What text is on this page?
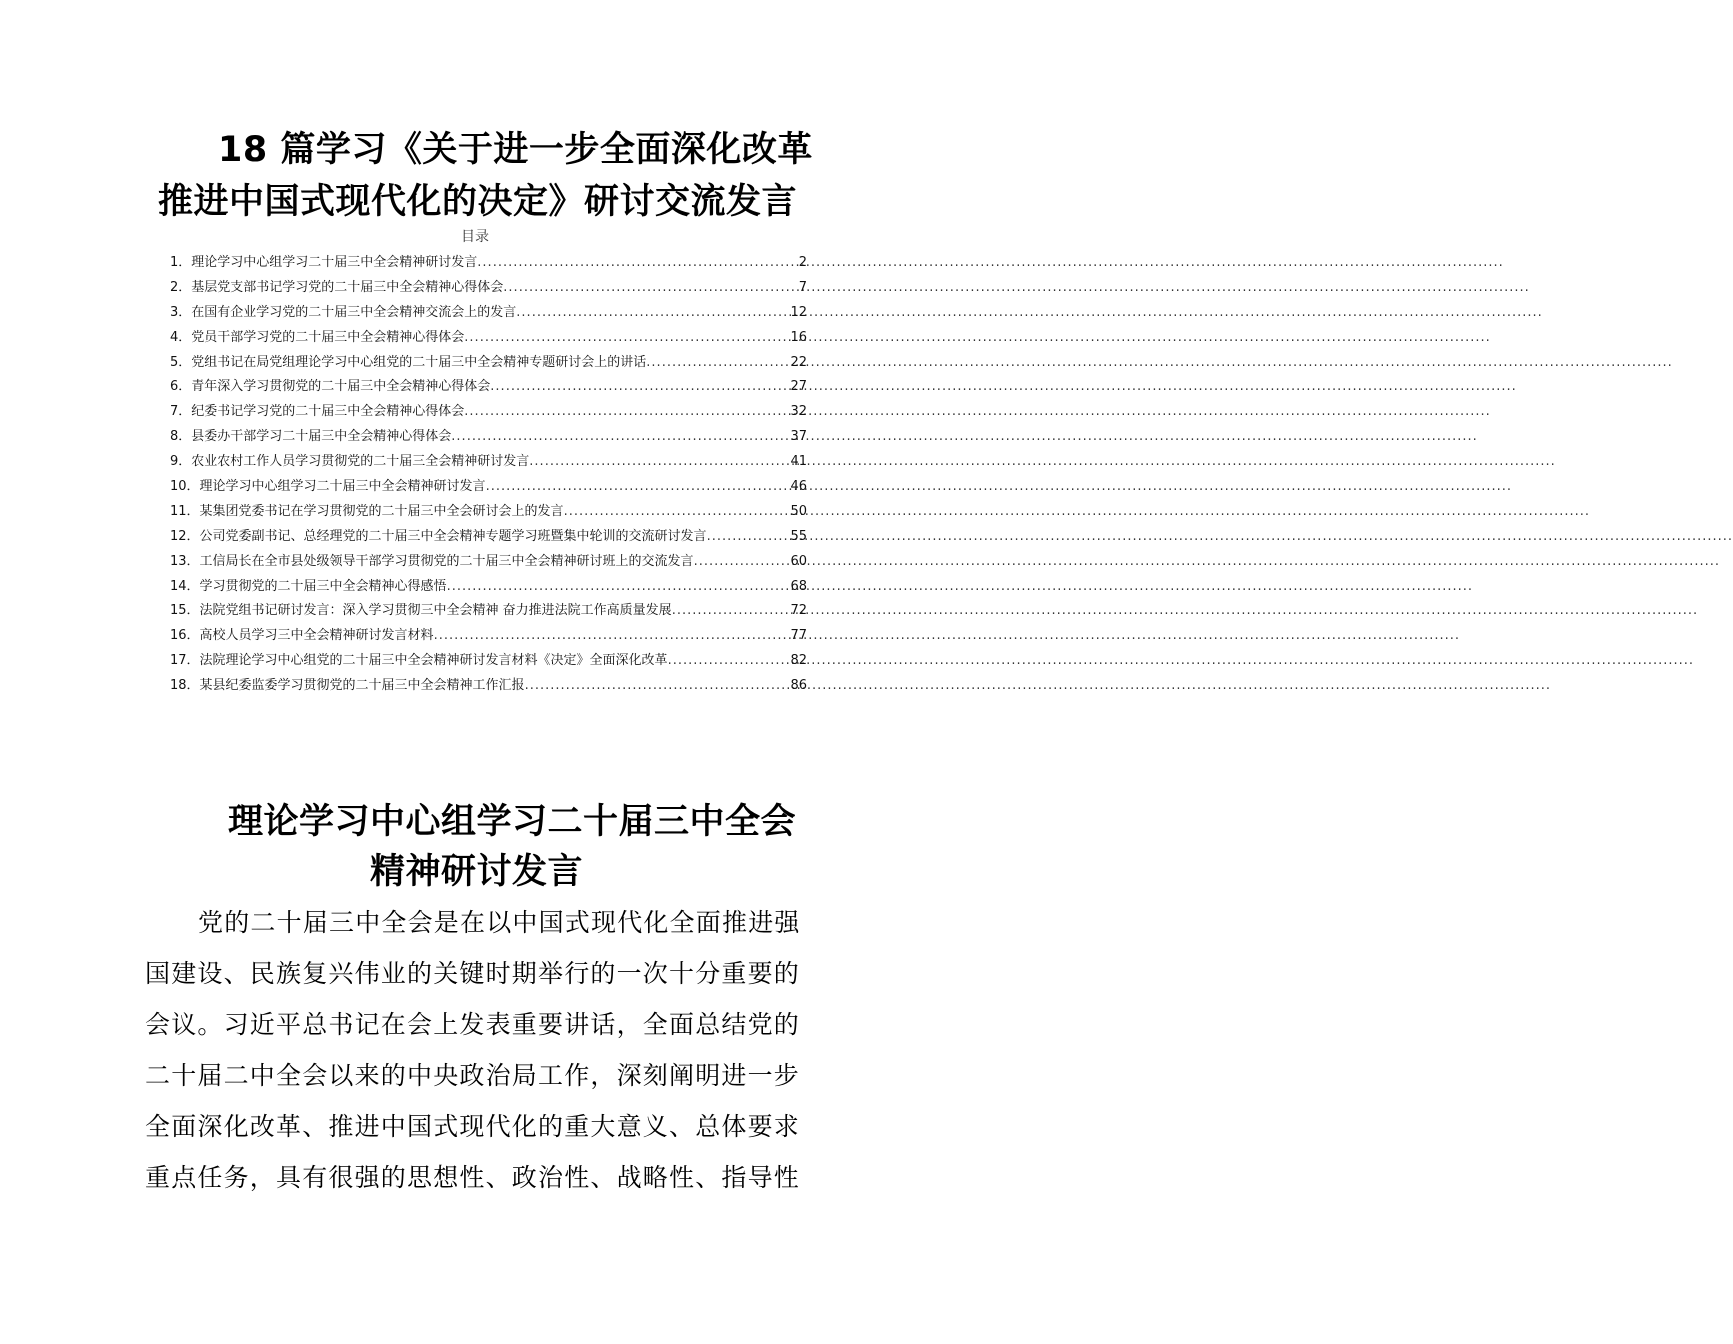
18 篇学习《关于进一步全面深化改革
推进中国式现代化的决定》研讨交流发言
目录
1． 理论学习中心组学习二十届三中全会精神研讨发言 .....	2
2． 基层党支部书记学习党的二十届三中全会精神心得体会 .....	7
3． 在国有企业学习党的二十届三中全会精神交流会上的发言 .....	12
4． 党员干部学习党的二十届三中全会精神心得体会 .....	16
5． 党组书记在局党组理论学习中心组党的二十届三中全会精神专题研讨会上的讲话 .....	22
6． 青年深入学习贯彻党的二十届三中全会精神心得体会 .....	27
7． 纪委书记学习党的二十届三中全会精神心得体会 .....	32
8． 县委办干部学习二十届三中全会精神心得体会 .....	37
9． 农业农村工作人员学习贯彻党的二十届三全会精神研讨发言 .....	41
10． 理论学习中心组学习二十届三中全会精神研讨发言 .....	46
11． 某集团党委书记在学习贯彻党的二十届三中全会研讨会上的发言 .....	50
12． 公司党委副书记、总经理党的二十届三中全会精神专题学习班暨集中轮训的交流研讨发言 .....	55
13． 工信局长在全市县处级领导干部学习贯彻党的二十届三中全会精神研讨班上的交流发言 .....	60
14． 学习贯彻党的二十届三中全会精神心得感悟 .....	68
15． 法院党组书记研讨发言：深入学习贯彻三中全会精神 奋力推进法院工作高质量发展 .....	72
16． 高校人员学习三中全会精神研讨发言材料 .....	77
17． 法院理论学习中心组党的二十届三中全会精神研讨发言材料《决定》全面深化改革 .....	82
18． 某县纪委监委学习贯彻党的二十届三中全会精神工作汇报 .....	86
理论学习中心组学习二十届三中全会
精神研讨发言
党的二十届三中全会是在以中国式现代化全面推进强
国建设、民族复兴伟业的关键时期举行的一次十分重要的
会议。习近平总书记在会上发表重要讲话，全面总结党的
二十届二中全会以来的中央政治局工作，深刻阐明进一步
全面深化改革、推进中国式现代化的重大意义、总体要求
重点任务，具有很强的思想性、政治性、战略性、指导性
